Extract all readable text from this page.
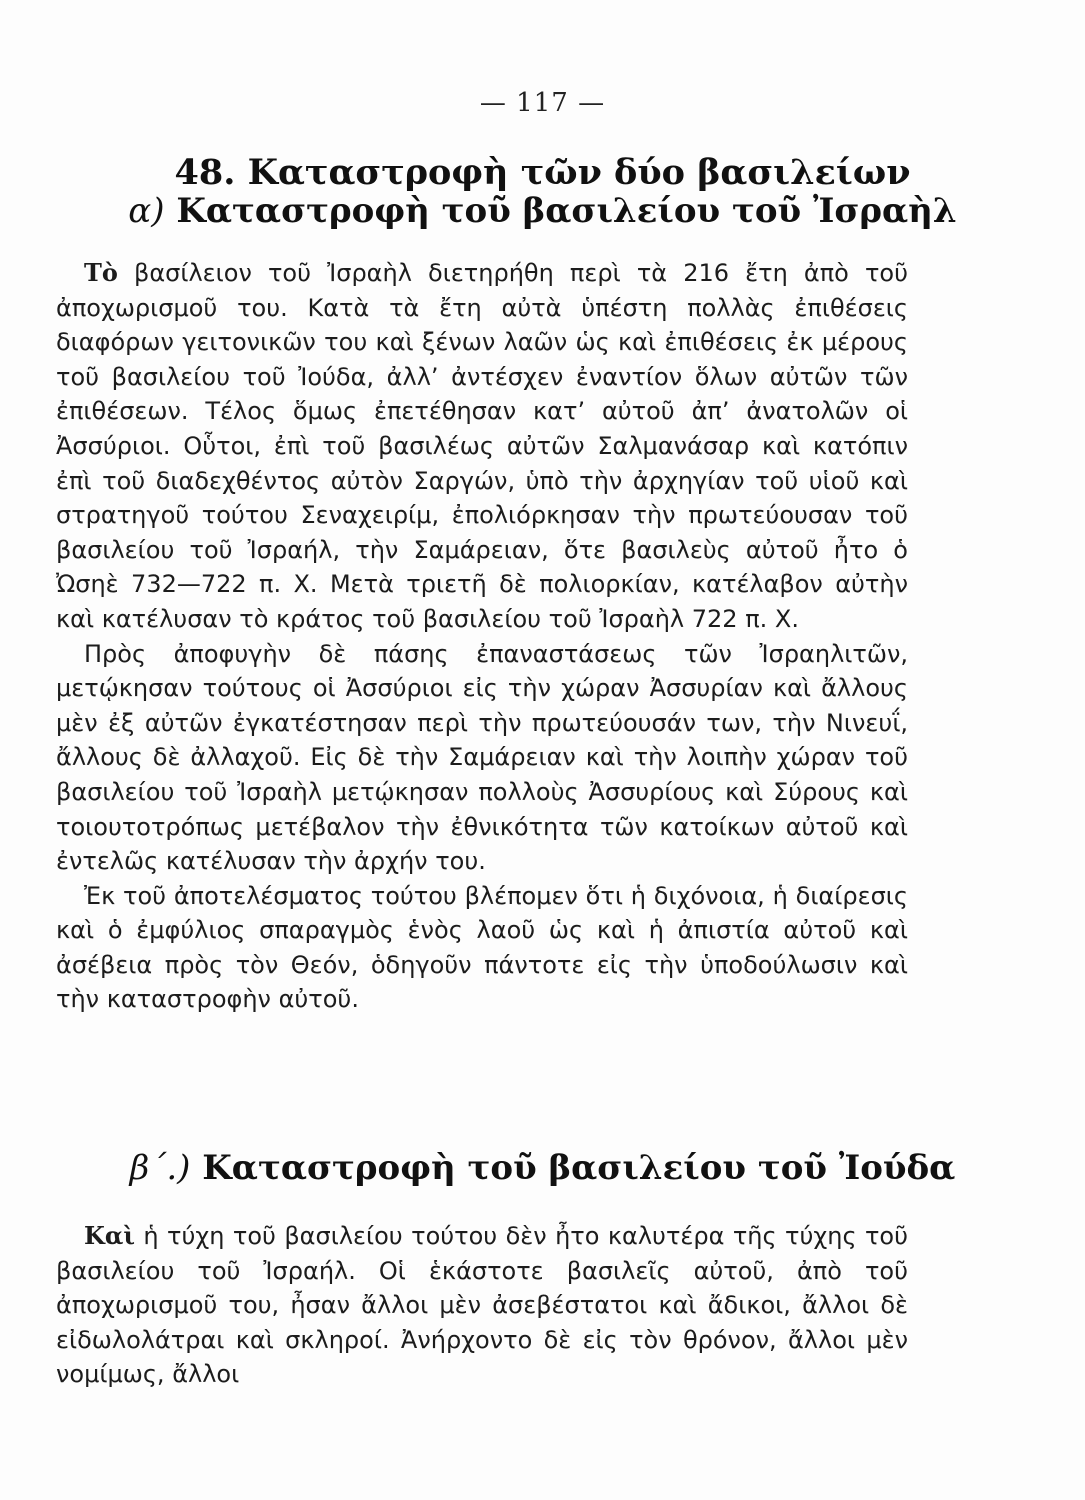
— 117 —
48. Καταστροφὴ τῶν δύο βασιλείων
α) Καταστροφὴ τοῦ βασιλείου τοῦ Ἰσραὴλ

Τὸ βασίλειον τοῦ Ἰσραὴλ διετηρήθη περὶ τὰ 216 ἔτη ἀπὸ τοῦ ἀποχωρισμοῦ του. Κατὰ τὰ ἔτη αὐτὰ ὑπέστη πολλὰς ἐπιθέσεις διαφόρων γειτονικῶν του καὶ ξένων λαῶν ὡς καὶ ἐπιθέσεις ἐκ μέρους τοῦ βασιλείου τοῦ Ἰούδα, ἀλλ’ ἀντέσχεν ἐναντίον ὅλων αὐτῶν τῶν ἐπιθέσεων. Τέλος ὅμως ἐπετέθησαν κατ’ αὐτοῦ ἀπ’ ἀνατολῶν οἱ Ἀσσύριοι. Οὗτοι, ἐπὶ τοῦ βασιλέως αὐτῶν Σαλμανάσαρ καὶ κατόπιν ἐπὶ τοῦ διαδεχθέντος αὐτὸν Σαργών, ὑπὸ τὴν ἀρχηγίαν τοῦ υἱοῦ καὶ στρατηγοῦ τούτου Σεναχειρίμ, ἐπολιόρκησαν τὴν πρωτεύουσαν τοῦ βασιλείου τοῦ Ἰσραήλ, τὴν Σαμάρειαν, ὅτε βασιλεὺς αὐτοῦ ἦτο ὁ Ὠσηὲ 732—722 π. Χ. Μετὰ τριετῆ δὲ πολιορκίαν, κατέλαβον αὐτὴν καὶ κατέλυσαν τὸ κράτος τοῦ βασιλείου τοῦ Ἰσραὴλ 722 π. Χ.

Πρὸς ἀποφυγὴν δὲ πάσης ἐπαναστάσεως τῶν Ἰσραηλιτῶν, μετῴκησαν τούτους οἱ Ἀσσύριοι εἰς τὴν χώραν Ἀσσυρίαν καὶ ἄλλους μὲν ἐξ αὐτῶν ἐγκατέστησαν περὶ τὴν πρωτεύουσάν των, τὴν Νινευΐ, ἄλλους δὲ ἀλλαχοῦ. Εἰς δὲ τὴν Σαμάρειαν καὶ τὴν λοιπὴν χώραν τοῦ βασιλείου τοῦ Ἰσραὴλ μετῴκησαν πολλοὺς Ἀσσυρίους καὶ Σύρους καὶ τοιουτοτρόπως μετέβαλον τὴν ἐθνικότητα τῶν κατοίκων αὐτοῦ καὶ ἐντελῶς κατέλυσαν τὴν ἀρχήν του.

Ἐκ τοῦ ἀποτελέσματος τούτου βλέπομεν ὅτι ἡ διχόνοια, ἡ διαίρεσις καὶ ὁ ἐμφύλιος σπαραγμὸς ἑνὸς λαοῦ ὡς καὶ ἡ ἀπιστία αὐτοῦ καὶ ἀσέβεια πρὸς τὸν Θεόν, ὁδηγοῦν πάντοτε εἰς τὴν ὑποδούλωσιν καὶ τὴν καταστροφὴν αὐτοῦ.

β΄.) Καταστροφὴ τοῦ βασιλείου τοῦ Ἰούδα

Καὶ ἡ τύχη τοῦ βασιλείου τούτου δὲν ἦτο καλυτέρα τῆς τύχης τοῦ βασιλείου τοῦ Ἰσραήλ. Οἱ ἑκάστοτε βασιλεῖς αὐτοῦ, ἀπὸ τοῦ ἀποχωρισμοῦ του, ἦσαν ἄλλοι μὲν ἀσεβέστατοι καὶ ἄδικοι, ἄλλοι δὲ εἰδωλολάτραι καὶ σκληροί. Ἀνήρχοντο δὲ εἰς τὸν θρόνον, ἄλλοι μὲν νομίμως, ἄλλοι
